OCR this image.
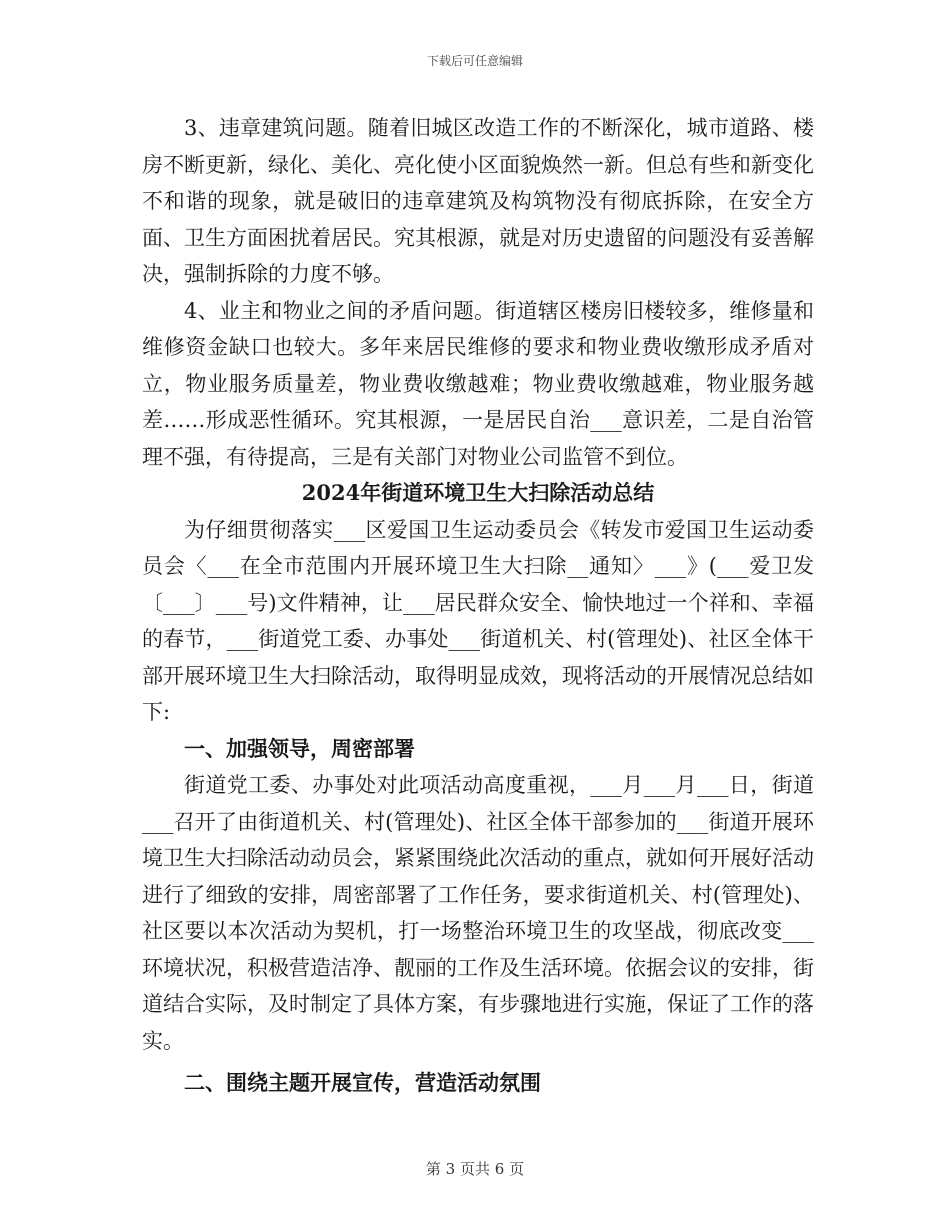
下载后可任意编辑

3、违章建筑问题。随着旧城区改造工作的不断深化，城市道路、楼房不断更新，绿化、美化、亮化使小区面貌焕然一新。但总有些和新变化不和谐的现象，就是破旧的违章建筑及构筑物没有彻底拆除，在安全方面、卫生方面困扰着居民。究其根源，就是对历史遗留的问题没有妥善解决，强制拆除的力度不够。

4、业主和物业之间的矛盾问题。街道辖区楼房旧楼较多，维修量和维修资金缺口也较大。多年来居民维修的要求和物业费收缴形成矛盾对立，物业服务质量差，物业费收缴越难；物业费收缴越难，物业服务越差……形成恶性循环。究其根源，一是居民自治___意识差，二是自治管理不强，有待提高，三是有关部门对物业公司监管不到位。

2024年街道环境卫生大扫除活动总结

为仔细贯彻落实___区爱国卫生运动委员会《转发市爱国卫生运动委员会〈___在全市范围内开展环境卫生大扫除__通知〉___》(___爱卫发〔___〕___号)文件精神，让___居民群众安全、愉快地过一个祥和、幸福的春节，___街道党工委、办事处___街道机关、村(管理处)、社区全体干部开展环境卫生大扫除活动，取得明显成效，现将活动的开展情况总结如下:

一、加强领导，周密部署

街道党工委、办事处对此项活动高度重视，___月___月___日，街道___召开了由街道机关、村(管理处)、社区全体干部参加的___街道开展环境卫生大扫除活动动员会，紧紧围绕此次活动的重点，就如何开展好活动进行了细致的安排，周密部署了工作任务，要求街道机关、村(管理处)、社区要以本次活动为契机，打一场整治环境卫生的攻坚战，彻底改变___环境状况，积极营造洁净、靓丽的工作及生活环境。依据会议的安排，街道结合实际，及时制定了具体方案，有步骤地进行实施，保证了工作的落实。

二、围绕主题开展宣传，营造活动氛围

第 3 页共 6 页
